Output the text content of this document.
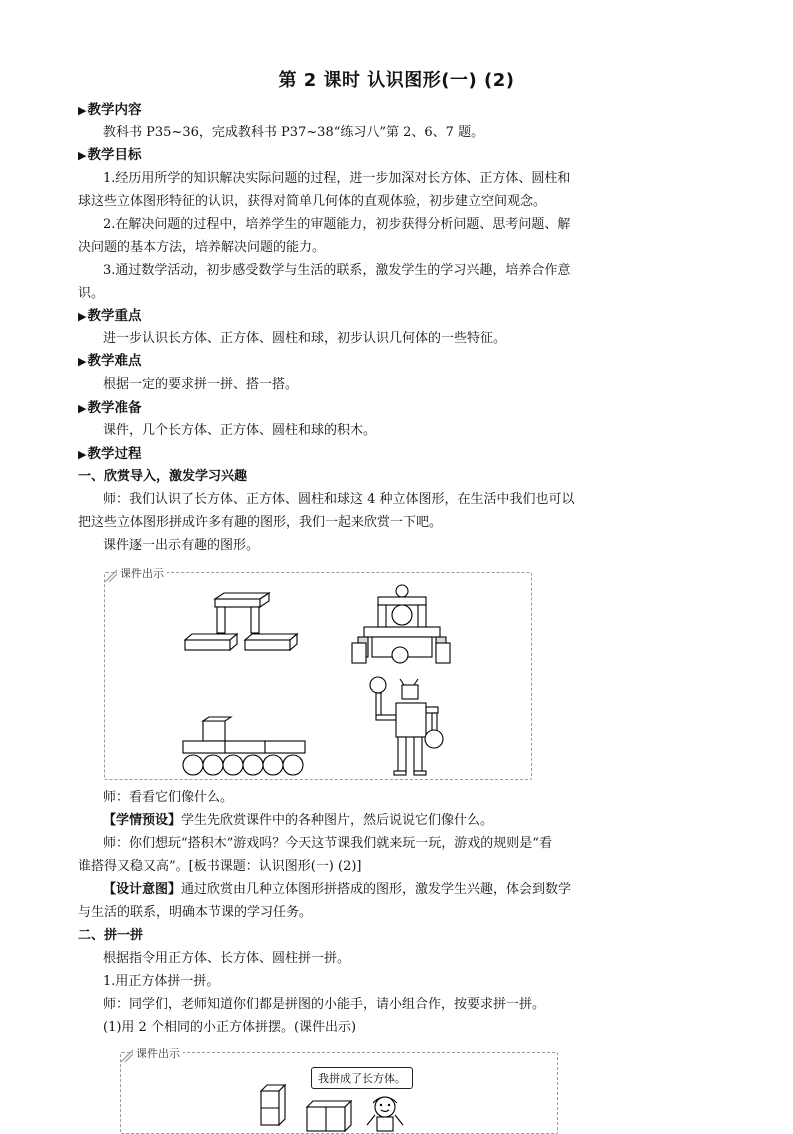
第 2 课时 认识图形(一) (2)
▶教学内容
教科书 P35~36，完成教科书 P37~38“练习八”第 2、6、7 题。
▶教学目标
1.经历用所学的知识解决实际问题的过程，进一步加深对长方体、正方体、圆柱和
球这些立体图形特征的认识，获得对简单几何体的直观体验，初步建立空间观念。
2.在解决问题的过程中，培养学生的审题能力，初步获得分析问题、思考问题、解
决问题的基本方法，培养解决问题的能力。
3.通过数学活动，初步感受数学与生活的联系，激发学生的学习兴趣，培养合作意
识。
▶教学重点
进一步认识长方体、正方体、圆柱和球，初步认识几何体的一些特征。
▶教学难点
根据一定的要求拼一拼、搭一搭。
▶教学准备
课件，几个长方体、正方体、圆柱和球的积木。
▶教学过程
一、欣赏导入，激发学习兴趣
师：我们认识了长方体、正方体、圆柱和球这 4 种立体图形，在生活中我们也可以
把这些立体图形拼成许多有趣的图形，我们一起来欣赏一下吧。
课件逐一出示有趣的图形。
课件出示
师：看看它们像什么。
【学情预设】学生先欣赏课件中的各种图片，然后说说它们像什么。
师：你们想玩“搭积木”游戏吗？今天这节课我们就来玩一玩，游戏的规则是“看
谁搭得又稳又高”。[板书课题：认识图形(一) (2)]
【设计意图】通过欣赏由几种立体图形拼搭成的图形，激发学生兴趣，体会到数学
与生活的联系，明确本节课的学习任务。
二、拼一拼
根据指令用正方体、长方体、圆柱拼一拼。
1.用正方体拼一拼。
师：同学们，老师知道你们都是拼图的小能手，请小组合作，按要求拼一拼。
(1)用 2 个相同的小正方体拼摆。(课件出示)
我拼成了长方体。
课件出示
